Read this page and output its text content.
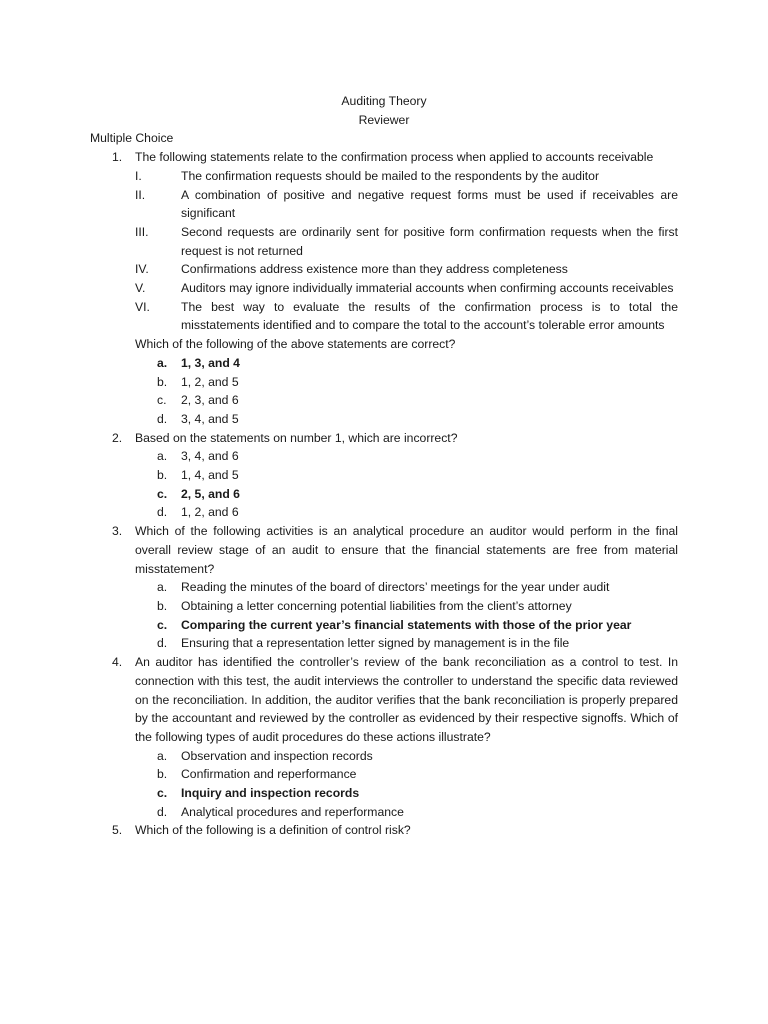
Auditing Theory
Reviewer
Multiple Choice
1. The following statements relate to the confirmation process when applied to accounts receivable
I.	The confirmation requests should be mailed to the respondents by the auditor
II.	A combination of positive and negative request forms must be used if receivables are significant
III.	Second requests are ordinarily sent for positive form confirmation requests when the first request is not returned
IV.	Confirmations address existence more than they address completeness
V.	Auditors may ignore individually immaterial accounts when confirming accounts receivables
VI.	The best way to evaluate the results of the confirmation process is to total the misstatements identified and to compare the total to the account’s tolerable error amounts
Which of the following of the above statements are correct?
a. 1, 3, and 4
b. 1, 2, and 5
c. 2, 3, and 6
d. 3, 4, and 5
2. Based on the statements on number 1, which are incorrect?
a. 3, 4, and 6
b. 1, 4, and 5
c. 2, 5, and 6
d. 1, 2, and 6
3. Which of the following activities is an analytical procedure an auditor would perform in the final overall review stage of an audit to ensure that the financial statements are free from material misstatement?
a. Reading the minutes of the board of directors’ meetings for the year under audit
b. Obtaining a letter concerning potential liabilities from the client’s attorney
c. Comparing the current year’s financial statements with those of the prior year
d. Ensuring that a representation letter signed by management is in the file
4. An auditor has identified the controller’s review of the bank reconciliation as a control to test. In connection with this test, the audit interviews the controller to understand the specific data reviewed on the reconciliation. In addition, the auditor verifies that the bank reconciliation is properly prepared by the accountant and reviewed by the controller as evidenced by their respective signoffs. Which of the following types of audit procedures do these actions illustrate?
a. Observation and inspection records
b. Confirmation and reperformance
c. Inquiry and inspection records
d. Analytical procedures and reperformance
5. Which of the following is a definition of control risk?
